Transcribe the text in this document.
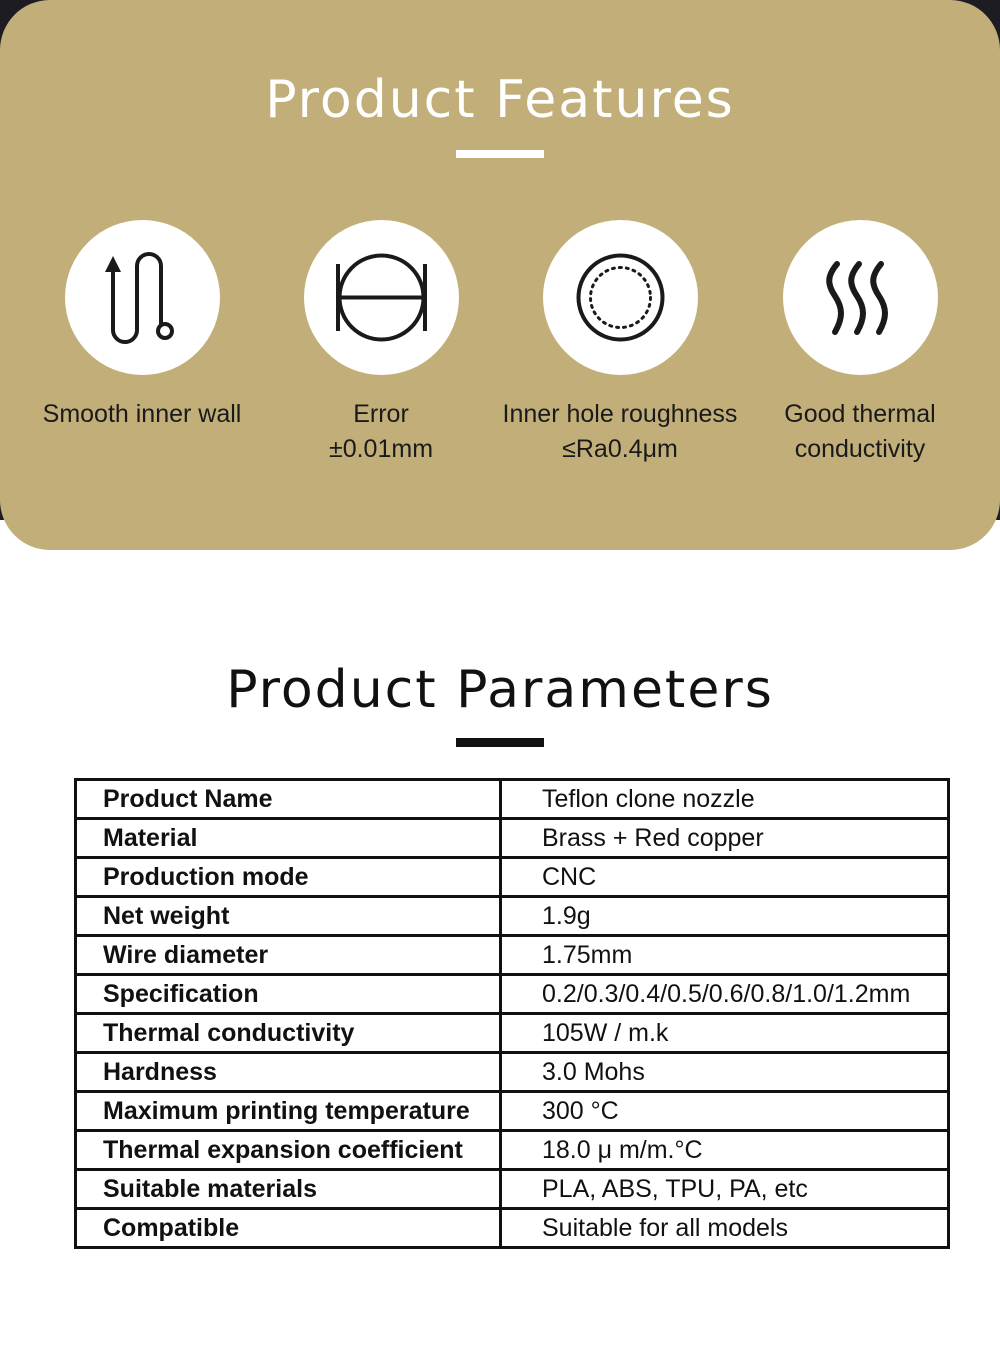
Product Features
Smooth inner wall	Error
±0.01mm
Inner hole roughness
≤Ra0.4μm
Good thermal
conductivity
Product Parameters
Product Name	Teflon clone nozzle
Material	Brass + Red copper
Production mode	CNC
Net weight	1.9g
Wire diameter	1.75mm
Specification	0.2/0.3/0.4/0.5/0.6/0.8/1.0/1.2mm
Thermal conductivity	105W / m.k
Hardness	3.0 Mohs
Maximum printing temperature	300 °C
Thermal expansion coefficient	18.0 μ m/m.°C
Suitable materials	PLA, ABS, TPU, PA, etc
Compatible	Suitable for all models
